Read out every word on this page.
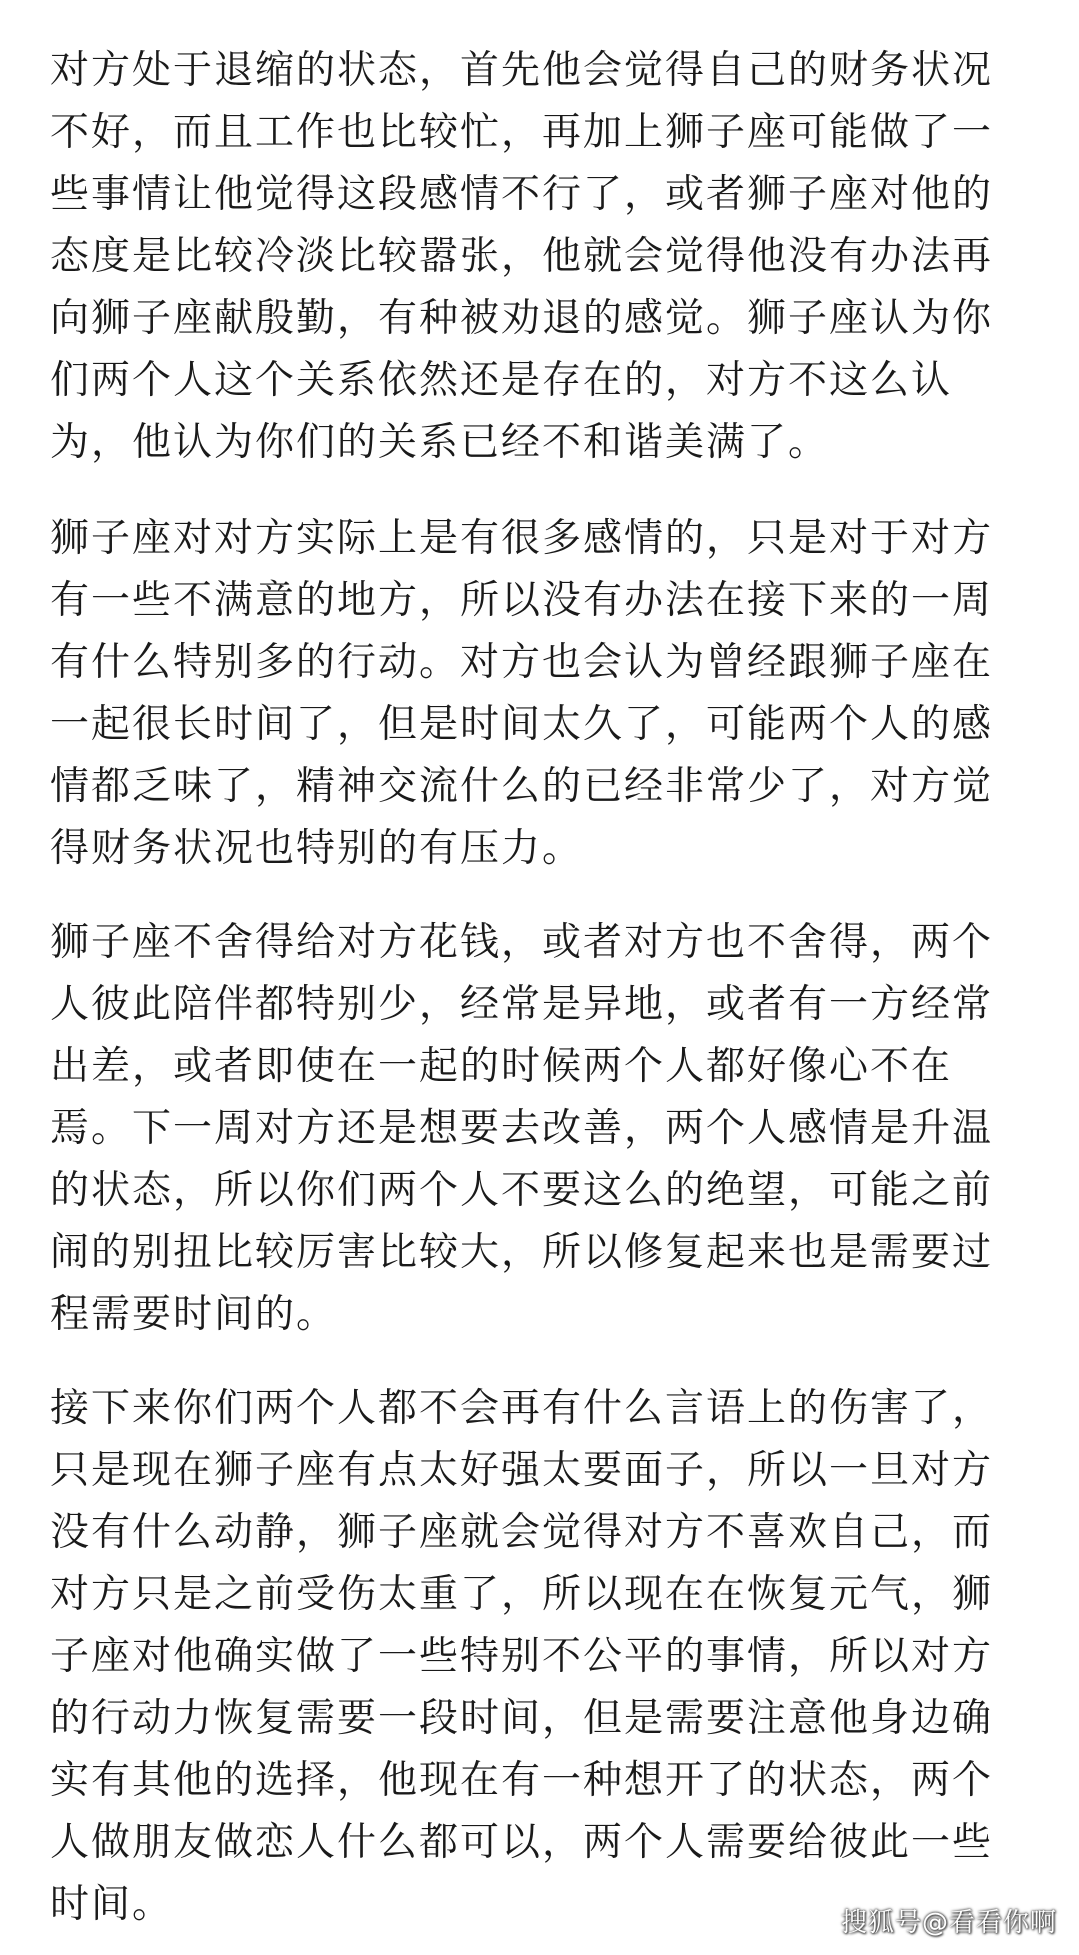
对方处于退缩的状态，首先他会觉得自己的财务状况
不好，而且工作也比较忙，再加上狮子座可能做了一
些事情让他觉得这段感情不行了，或者狮子座对他的
态度是比较冷淡比较嚣张，他就会觉得他没有办法再
向狮子座献殷勤，有种被劝退的感觉。狮子座认为你
们两个人这个关系依然还是存在的，对方不这么认
为，他认为你们的关系已经不和谐美满了。
狮子座对对方实际上是有很多感情的，只是对于对方
有一些不满意的地方，所以没有办法在接下来的一周
有什么特别多的行动。对方也会认为曾经跟狮子座在
一起很长时间了，但是时间太久了，可能两个人的感
情都乏味了，精神交流什么的已经非常少了，对方觉
得财务状况也特别的有压力。
狮子座不舍得给对方花钱，或者对方也不舍得，两个
人彼此陪伴都特别少，经常是异地，或者有一方经常
出差，或者即使在一起的时候两个人都好像心不在
焉。下一周对方还是想要去改善，两个人感情是升温
的状态，所以你们两个人不要这么的绝望，可能之前
闹的别扭比较厉害比较大，所以修复起来也是需要过
程需要时间的。
接下来你们两个人都不会再有什么言语上的伤害了，
只是现在狮子座有点太好强太要面子，所以一旦对方
没有什么动静，狮子座就会觉得对方不喜欢自己，而
对方只是之前受伤太重了，所以现在在恢复元气，狮
子座对他确实做了一些特别不公平的事情，所以对方
的行动力恢复需要一段时间，但是需要注意他身边确
实有其他的选择，他现在有一种想开了的状态，两个
人做朋友做恋人什么都可以，两个人需要给彼此一些
时间。	搜狐号@看看你啊
